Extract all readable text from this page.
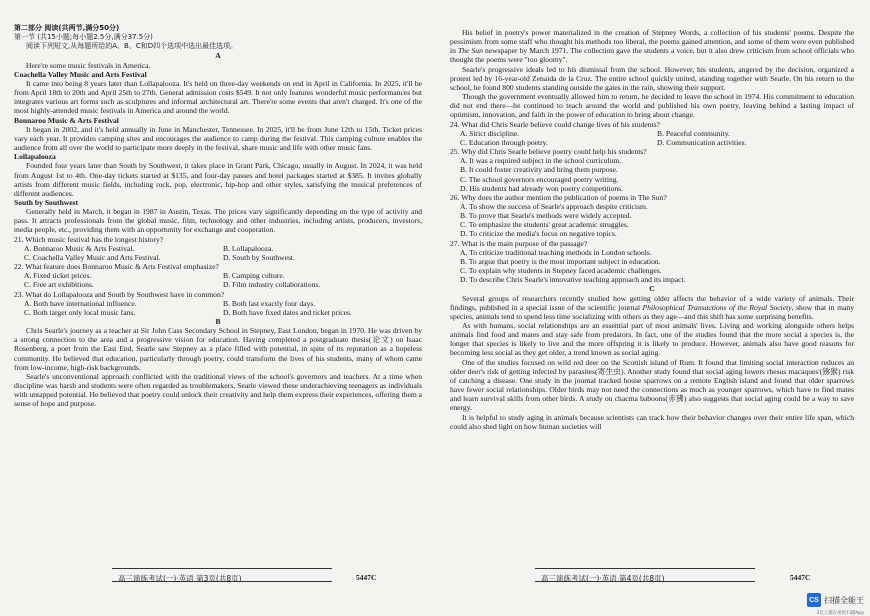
第二部分 阅读(共两节,满分50分)
第一节 (共15小题;每小题2.5分,满分37.5分)
阅读下列短文,从每题所给的A、B、C和D四个选项中选出最佳选项。
A

Here're some music festivals in America.

Coachella Valley Music and Arts Festival

It came into being 8 years later than Lollapalooza. It's held on three-day weekends on end in April in California. In 2025, it'll be from April 18th to 20th and April 25th to 27th. General admission costs $549. It not only features wonderful music performances but integrates various art forms such as sculptures and informal architectural art. There're some events that aren't charged. It's one of the most highly-attended music festivals in America and around the world.

Bonnaroo Music & Arts Festival

It began in 2002, and it's held annually in June in Manchester, Tennessee. In 2025, it'll be from June 12th to 15th. Ticket prices vary each year. It provides camping sites and encourages the audience to camp during the festival. This camping culture enables the audience from all over the world to participate more deeply in the festival, share music and life with other music fans.

Lollapalooza

Founded four years later than South by Southwest, it takes place in Grant Park, Chicago, usually in August. In 2024, it was held from August 1st to 4th. One-day tickets started at $135, and four-day passes and hotel packages started at $385. It invites globally artists from different music fields, including rock, pop, electronic, hip-hop and other styles, satisfying the musical preferences of different audiences.

South by Southwest

Generally held in March, it began in 1987 in Austin, Texas. The prices vary significantly depending on the type of activity and pass. It attracts professionals from the global music, film, technology and other industries, including artists, producers, investors, media people, etc., providing them with an opportunity for exchange and cooperation.

21. Which music festival has the longest history?
A. Bonnaroo Music & Arts Festival.	B. Lollapalooza.
C. Coachella Valley Music and Arts Festival.	D. South by Southwest.
22. What feature does Bonnaroo Music & Arts Festival emphasize?
A. Fixed ticket prices.	B. Camping culture.
C. Free art exhibitions.	D. Film industry collaborations.
23. What do Lollapalooza and South by Southwest have in common?
A. Both have international influence.	B. Both last exactly four days.
C. Both target only local music fans.	D. Both have fixed dates and ticket prices.
B

Chris Searle's journey as a teacher at Sir John Cass Secondary School in Stepney, East London, began in 1970. He was driven by a strong connection to the area and a progressive vision for education. Having completed a postgraduate thesis(论文) on Isaac Rosenberg, a poet from the East End, Searle saw Stepney as a place filled with potential, in spite of its reputation as a hopeless community. He believed that education, particularly through poetry, could transform the lives of his students, many of whom came from low-income, high-risk backgrounds.

Searle's unconventional approach conflicted with the traditional views of the school's governors and teachers. At a time when discipline was harsh and students were often regarded as troublemakers, Searle viewed these underachieving teenagers as individuals with untapped potential. He believed that poetry could unlock their creativity and help them express their experiences, offering them a sense of hope and purpose.

His belief in poetry's power materialized in the creation of Stepney Words, a collection of his students' poems. Despite the pessimism from some staff who thought his methods too liberal, the poems gained attention, and some of them were even published in The Sun newspaper by March 1971. The collection gave the students a voice, but it also drew criticism from school officials who thought the poems were "too gloomy".

Searle's progressive ideals led to his dismissal from the school. However, his students, angered by the decision, organized a protest led by 16-year-old Zenaida de la Cruz. The entire school quickly united, standing together with Searle. On his return to the school, he found 800 students standing outside the gates in the rain, showing their support.

Though the government eventually allowed him to return, he decided to leave the school in 1974. His commitment to education did not end there—he continued to teach around the world and published his own poetry, leaving behind a lasting impact of optimism, innovation, and faith in the power of education to bring about change.

24. What did Chris Searle believe could change lives of his students?
A. Strict discipline.	B. Peaceful community.
C. Education through poetry.	D. Communication activities.
25. Why did Chris Searle believe poetry could help his students?
A. It was a required subject in the school curriculum.
B. It could foster creativity and bring them purpose.
C. The school governors encouraged poetry writing.
D. His students had already won poetry competitions.
26. Why does the author mention the publication of poems in The Sun?
A. To show the success of Searle's approach despite criticism.
B. To prove that Searle's methods were widely accepted.
C. To emphasize the students' great academic struggles.
D. To criticize the media's focus on negative topics.
27. What is the main purpose of the passage?
A. To criticize traditional teaching methods in London schools.
B. To argue that poetry is the most important subject in education.
C. To explain why students in Stepney faced academic challenges.
D. To describe Chris Searle's innovative teaching approach and its impact.
C

Several groups of researchers recently studied how getting older affects the behavior of a wide variety of animals. Their findings, published in a special issue of the scientific journal Philosophical Transactions of the Royal Society, show that in many species, animals tend to spend less time socializing with others as they age—and this shift has some surprising benefits.

As with humans, social relationships are an essential part of most animals' lives. Living and working alongside others helps animals find food and mates and stay safe from predators. In fact, one of the studies found that the more social a species is, the longer that species is likely to live and the more offspring it is likely to produce. However, animals also have good reasons for becoming less social as they get older, a trend known as social aging.

One of the studies focused on wild red deer on the Scottish island of Rum. It found that limiting social interaction reduces an older deer's risk of getting infected by parasites(寄生虫). Another study found that social aging lowers rhesus macaques'(猕猴) risk of catching a disease. One study in the journal tracked house sparrows on a remote English island and found that older sparrows have fewer social relationships. Older birds may not need the connections as much as younger sparrows, which have to find mates and learn survival skills from other birds. A study on chacma baboons(赤狒) also suggests that social aging could be a way to save energy.

It is helpful to study aging in animals because scientists can track how their behavior changes over their entire life span, which could also shed light on how human societies will

高三演练考试(一)·英语 第3页(共8页)	5447C	高三演练考试(一)·英语 第4页(共8页)	5447C
CS 扫描全能王
3亿人都在用的扫描App
